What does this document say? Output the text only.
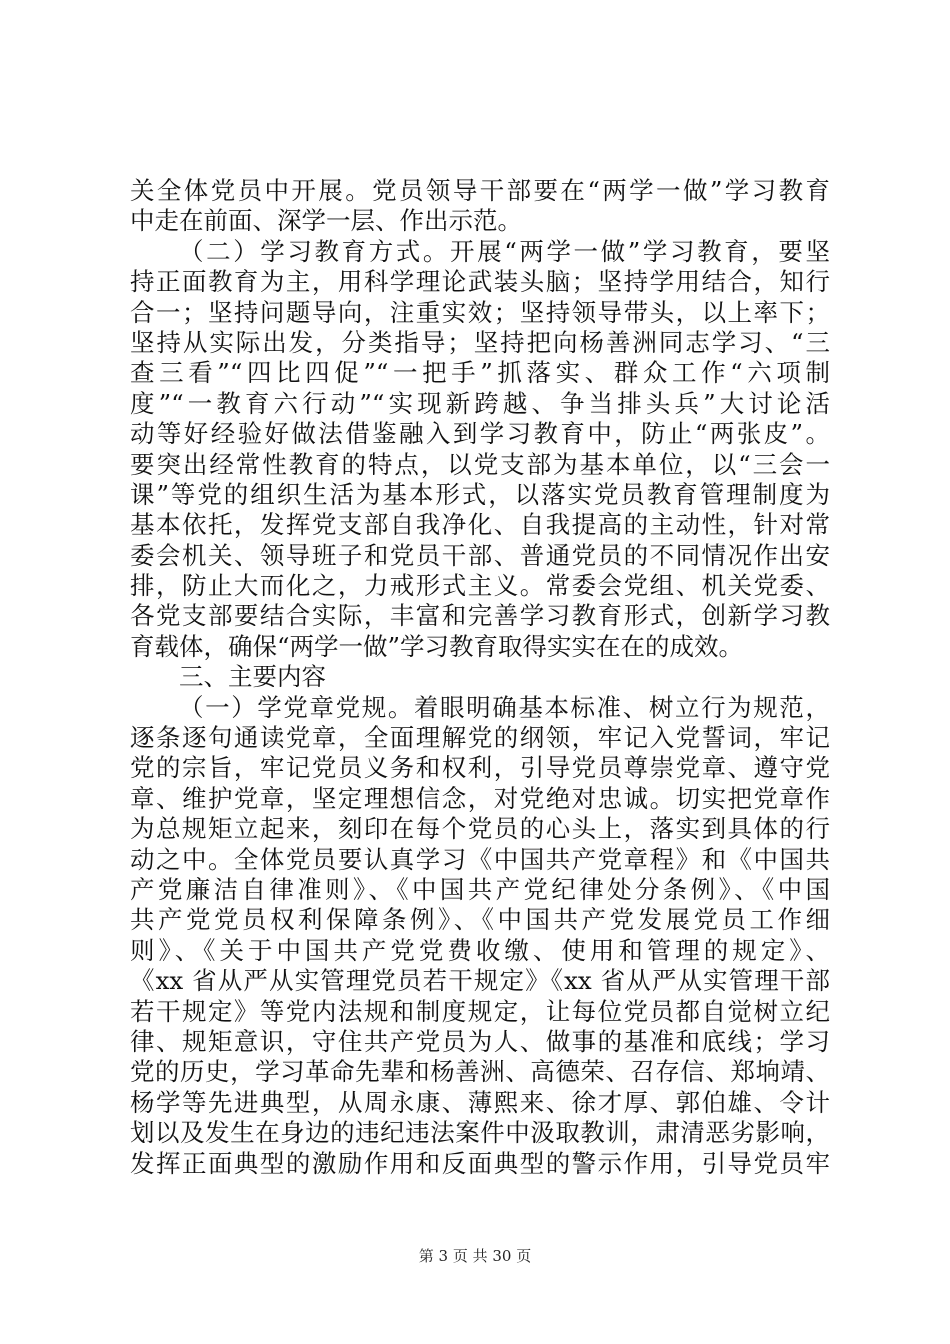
关全体党员中开展。党员领导干部要在“两学一做”学习教育
中走在前面、深学一层、作出示范。
（二）学习教育方式。开展“两学一做”学习教育，要坚
持正面教育为主，用科学理论武装头脑；坚持学用结合，知行
合一；坚持问题导向，注重实效；坚持领导带头，以上率下；
坚持从实际出发，分类指导；坚持把向杨善洲同志学习、“三
查三看”“四比四促”“一把手”抓落实、群众工作“六项制
度”“一教育六行动”“实现新跨越、争当排头兵”大讨论活
动等好经验好做法借鉴融入到学习教育中，防止“两张皮”。
要突出经常性教育的特点，以党支部为基本单位，以“三会一
课”等党的组织生活为基本形式，以落实党员教育管理制度为
基本依托，发挥党支部自我净化、自我提高的主动性，针对常
委会机关、领导班子和党员干部、普通党员的不同情况作出安
排，防止大而化之，力戒形式主义。常委会党组、机关党委、
各党支部要结合实际，丰富和完善学习教育形式，创新学习教
育载体，确保“两学一做”学习教育取得实实在在的成效。
三、主要内容
（一）学党章党规。着眼明确基本标准、树立行为规范，
逐条逐句通读党章，全面理解党的纲领，牢记入党誓词，牢记
党的宗旨，牢记党员义务和权利，引导党员尊崇党章、遵守党
章、维护党章，坚定理想信念，对党绝对忠诚。切实把党章作
为总规矩立起来，刻印在每个党员的心头上，落实到具体的行
动之中。全体党员要认真学习《中国共产党章程》和《中国共
产党廉洁自律准则》、《中国共产党纪律处分条例》、《中国
共产党党员权利保障条例》、《中国共产党发展党员工作细
则》、《关于中国共产党党费收缴、使用和管理的规定》、
《xx 省从严从实管理党员若干规定》《xx 省从严从实管理干部
若干规定》等党内法规和制度规定，让每位党员都自觉树立纪
律、规矩意识，守住共产党员为人、做事的基准和底线；学习
党的历史，学习革命先辈和杨善洲、高德荣、召存信、郑垧靖、
杨学等先进典型，从周永康、薄熙来、徐才厚、郭伯雄、令计
划以及发生在身边的违纪违法案件中汲取教训，肃清恶劣影响，
发挥正面典型的激励作用和反面典型的警示作用，引导党员牢
第 3 页 共 30 页
